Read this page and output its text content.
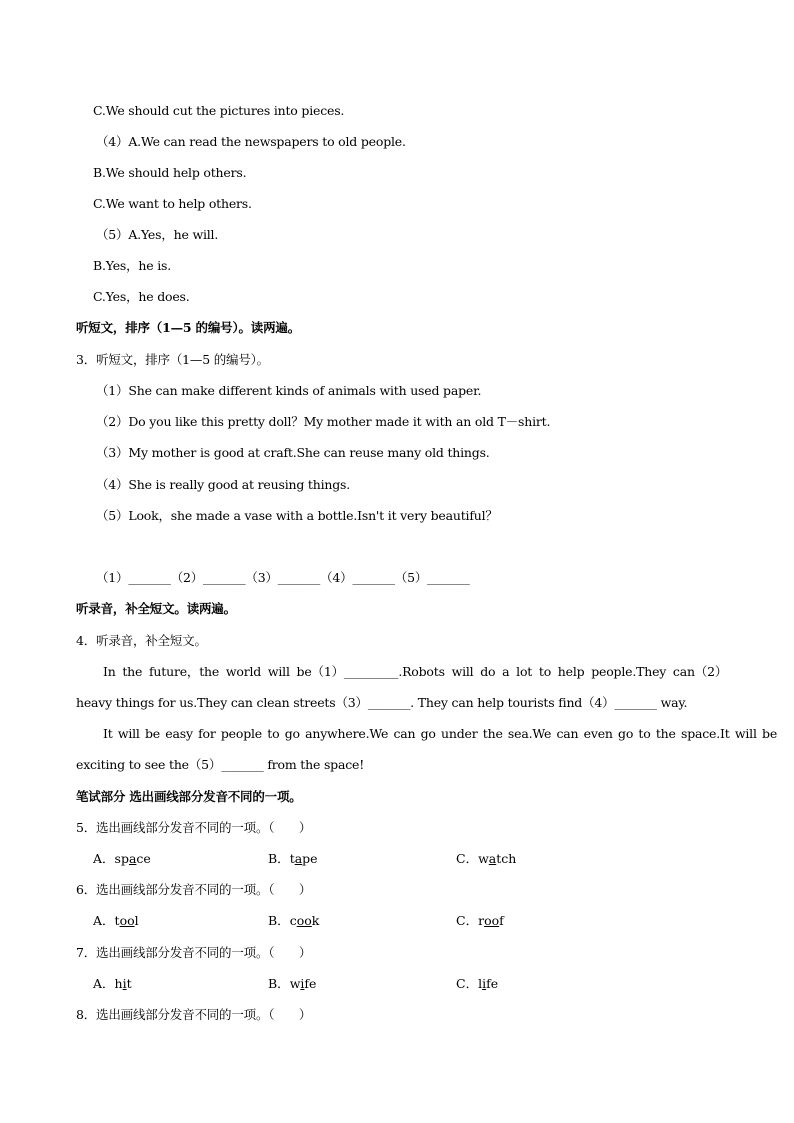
C.We should cut the pictures into pieces.
（4）A.We can read the newspapers to old people.
B.We should help others.
C.We want to help others.
（5）A.Yes，he will.
B.Yes，he is.
C.Yes，he does.
听短文，排序（1—5 的编号）。读两遍。
3．听短文，排序（1—5 的编号）。
（1）She can make different kinds of animals with used paper.
（2）Do you like this pretty doll？My mother made it with an old T－shirt.
（3）My mother is good at craft.She can reuse many old things.
（4）She is really good at reusing things.
（5）Look，she made a vase with a bottle.Isn't it very beautiful？
（1）_______（2）_______（3）_______（4）_______（5）_______
听录音，补全短文。读两遍。
4．听录音，补全短文。
In the future，the world will be（1）_________.Robots will do a lot to help people.They can（2）
heavy things for us.They can clean streets（3）_______. They can help tourists find（4）_______ way.
It will be easy for people to go anywhere.We can go under the sea.We can even go to the space.It will be
exciting to see the（5）_______ from the space!
笔试部分 选出画线部分发音不同的一项。
5．选出画线部分发音不同的一项。（　　）
A．space	B．tape	C．watch
6．选出画线部分发音不同的一项。（　　）
A．tool	B．cook	C．roof
7．选出画线部分发音不同的一项。（　　）
A．hit	B．wife	C．life
8．选出画线部分发音不同的一项。（　　）
